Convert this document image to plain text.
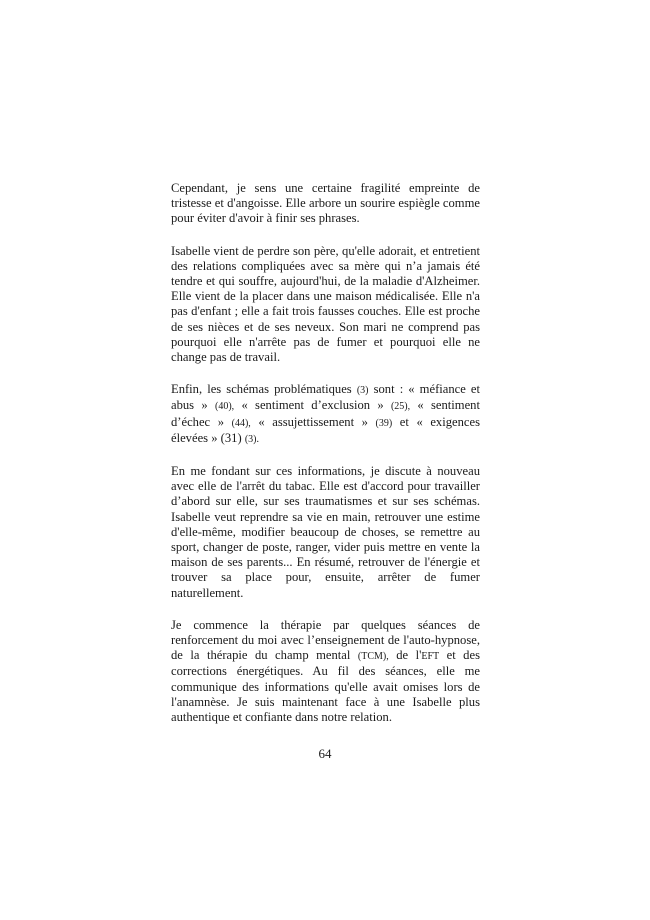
Cependant, je sens une certaine fragilité empreinte de tristesse et d'angoisse. Elle arbore un sourire espiègle comme pour éviter d'avoir à finir ses phrases.

Isabelle vient de perdre son père, qu'elle adorait, et entretient des relations compliquées avec sa mère qui n’a jamais été tendre et qui souffre, aujourd'hui, de la maladie d'Alzheimer. Elle vient de la placer dans une maison médicalisée. Elle n'a pas d'enfant ; elle a fait trois fausses couches. Elle est proche de ses nièces et de ses neveux. Son mari ne comprend pas pourquoi elle n'arrête pas de fumer et pourquoi elle ne change pas de travail.

Enfin, les schémas problématiques (3) sont : « méfiance et abus » (40), « sentiment d’exclusion » (25), « sentiment d’échec » (44), « assujettissement » (39) et « exigences élevées » (31) (3).

En me fondant sur ces informations, je discute à nouveau avec elle de l'arrêt du tabac. Elle est d'accord pour travailler d’abord sur elle, sur ses traumatismes et sur ses schémas. Isabelle veut reprendre sa vie en main, retrouver une estime d'elle-même, modifier beaucoup de choses, se remettre au sport, changer de poste, ranger, vider puis mettre en vente la maison de ses parents... En résumé, retrouver de l'énergie et trouver sa place pour, ensuite, arrêter de fumer naturellement.

Je commence la thérapie par quelques séances de renforcement du moi avec l’enseignement de l'auto-hypnose, de la thérapie du champ mental (TCM), de l'EFT et des corrections énergétiques. Au fil des séances, elle me communique des informations qu'elle avait omises lors de l'anamnèse. Je suis maintenant face à une Isabelle plus authentique et confiante dans notre relation.

64
